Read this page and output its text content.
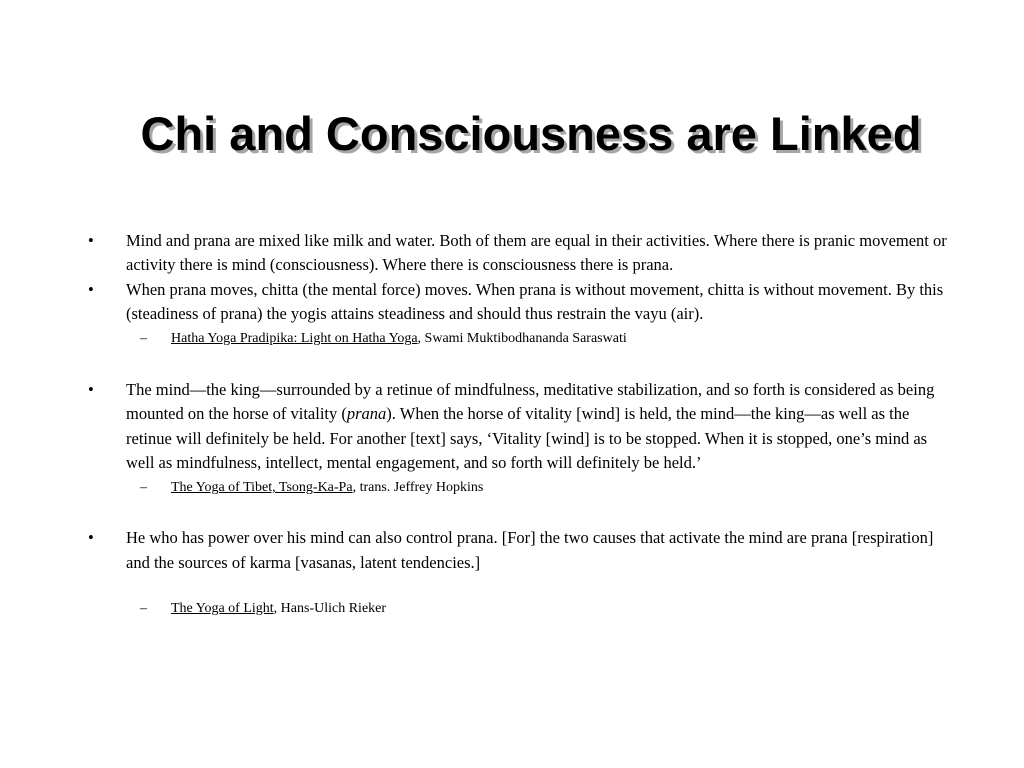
Chi and Consciousness are Linked

• Mind and prana are mixed like milk and water. Both of them are equal in their activities. Where there is pranic movement or activity there is mind (consciousness). Where there is consciousness there is prana.

• When prana moves, chitta (the mental force) moves. When prana is without movement, chitta is without movement. By this (steadiness of prana) the yogis attains steadiness and should thus restrain the vayu (air).

– Hatha Yoga Pradipika: Light on Hatha Yoga, Swami Muktibodhananda Saraswati

• The mind—the king—surrounded by a retinue of mindfulness, meditative stabilization, and so forth is considered as being mounted on the horse of vitality (prana). When the horse of vitality [wind] is held, the mind—the king—as well as the retinue will definitely be held. For another [text] says, ‘Vitality [wind] is to be stopped. When it is stopped, one’s mind as well as mindfulness, intellect, mental engagement, and so forth will definitely be held.’

– The Yoga of Tibet, Tsong-Ka-Pa, trans. Jeffrey Hopkins

• He who has power over his mind can also control prana. [For] the two causes that activate the mind are prana [respiration] and the sources of karma [vasanas, latent tendencies.]

– The Yoga of Light, Hans-Ulich Rieker
